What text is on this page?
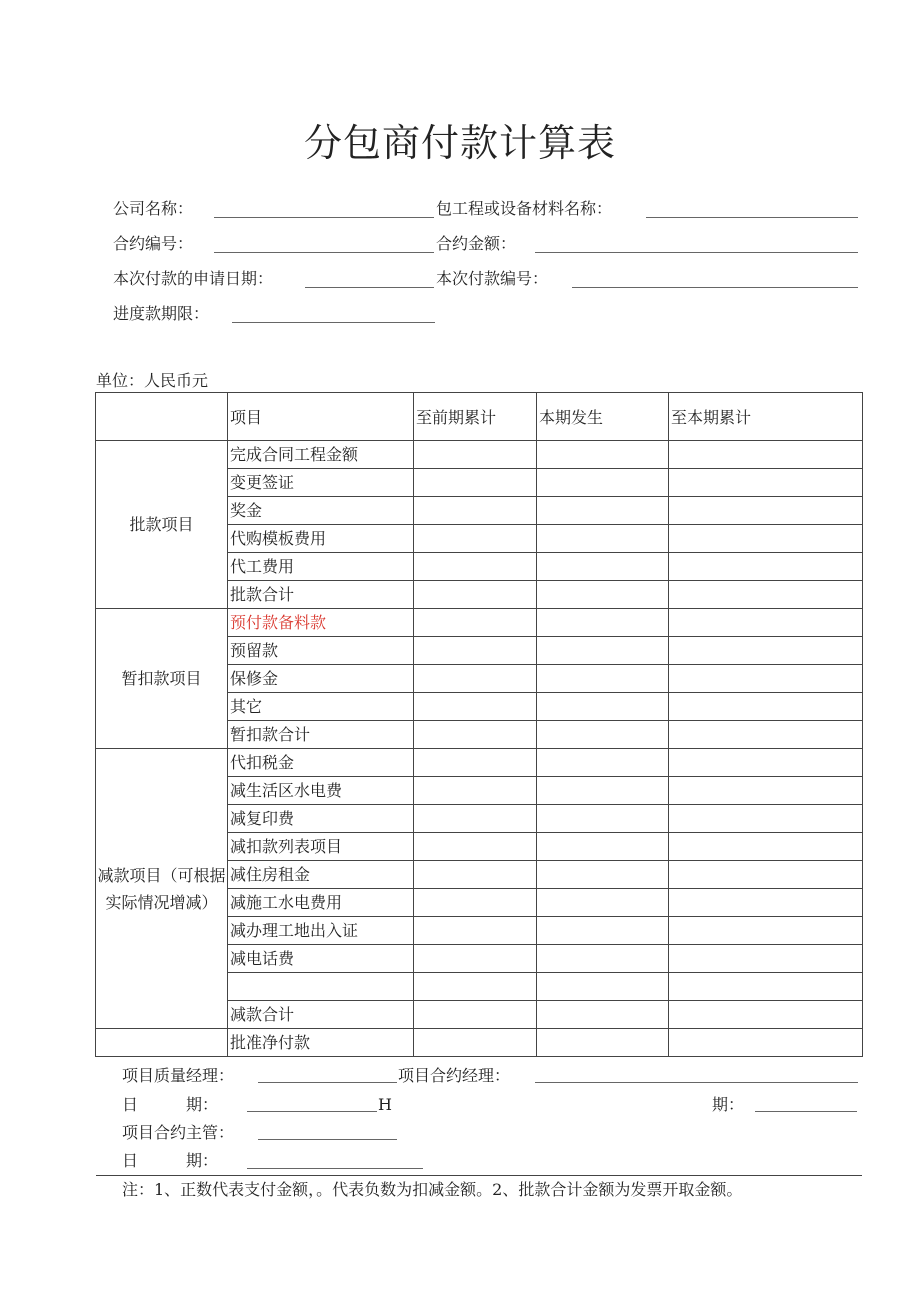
分包商付款计算表
公司名称：	包工程或设备材料名称：
合约编号：	合约金额：
本次付款的申请日期：	本次付款编号：
进度款期限：
单位：人民币元
	项目	至前期累计	本期发生	至本期累计
批款项目	完成合同工程金额			
	变更签证			
	奖金			
	代购模板费用			
	代工费用			
	批款合计			
暂扣款项目	预付款备料款			
	预留款			
	保修金			
	其它			
	暂扣款合计			
减款项目（可根据实际情况增减）	代扣税金			
	减生活区水电费			
	减复印费			
	减扣款列表项目			
	减住房租金			
	减施工水电费用			
	减办理工地出入证			
	减电话费			

	减款合计			
	批准净付款			
项目质量经理：	项目合约经理：
日　　　期：	H	期：
项目合约主管：
日　　　期：
注：1、正数代表支付金额，。代表负数为扣减金额。2、批款合计金额为发票开取金额。
